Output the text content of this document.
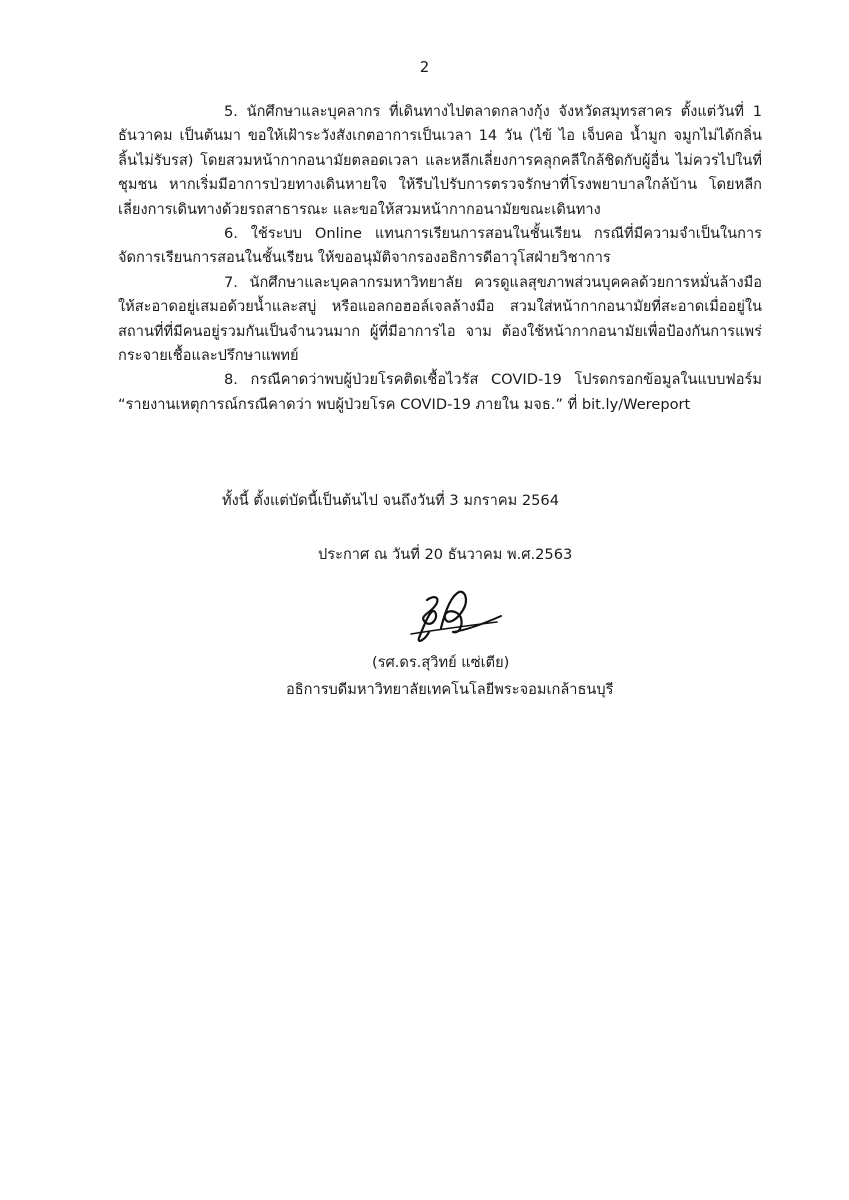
2

5. นักศึกษาและบุคลากร ที่เดินทางไปตลาดกลางกุ้ง จังหวัดสมุทรสาคร ตั้งแต่วันที่ 1 ธันวาคม เป็นต้นมา ขอให้เฝ้าระวังสังเกตอาการเป็นเวลา 14 วัน (ไข้ ไอ เจ็บคอ น้ำมูก จมูกไม่ได้กลิ่น ลิ้นไม่รับรส) โดยสวมหน้ากากอนามัยตลอดเวลา และหลีกเลี่ยงการคลุกคลีใกล้ชิดกับผู้อื่น ไม่ควรไปในที่ชุมชน หากเริ่มมีอาการป่วยทางเดินหายใจ ให้รีบไปรับการตรวจรักษาที่โรงพยาบาลใกล้บ้าน โดยหลีกเลี่ยงการเดินทางด้วยรถสาธารณะ และขอให้สวมหน้ากากอนามัยขณะเดินทาง

6. ใช้ระบบ Online แทนการเรียนการสอนในชั้นเรียน กรณีที่มีความจำเป็นในการจัดการเรียนการสอนในชั้นเรียน ให้ขออนุมัติจากรองอธิการดีอาวุโสฝ่ายวิชาการ

7. นักศึกษาและบุคลากรมหาวิทยาลัย ควรดูแลสุขภาพส่วนบุคคลด้วยการหมั่นล้างมือให้สะอาดอยู่เสมอด้วยน้ำและสบู่ หรือแอลกอฮอล์เจลล้างมือ สวมใส่หน้ากากอนามัยที่สะอาดเมื่ออยู่ในสถานที่ที่มีคนอยู่รวมกันเป็นจำนวนมาก ผู้ที่มีอาการไอ จาม ต้องใช้หน้ากากอนามัยเพื่อป้องกันการแพร่กระจายเชื้อและปรึกษาแพทย์

8. กรณีคาดว่าพบผู้ป่วยโรคติดเชื้อไวรัส COVID-19 โปรดกรอกข้อมูลในแบบฟอร์ม “รายงานเหตุการณ์กรณีคาดว่า พบผู้ป่วยโรค COVID-19 ภายใน มจธ.” ที่ bit.ly/Wereport

ทั้งนี้ ตั้งแต่บัดนี้เป็นต้นไป จนถึงวันที่ 3 มกราคม 2564
ประกาศ ณ วันที่ 20 ธันวาคม พ.ศ.2563
(รศ.ดร.สุวิทย์ แซ่เตีย)
อธิการบดีมหาวิทยาลัยเทคโนโลยีพระจอมเกล้าธนบุรี
